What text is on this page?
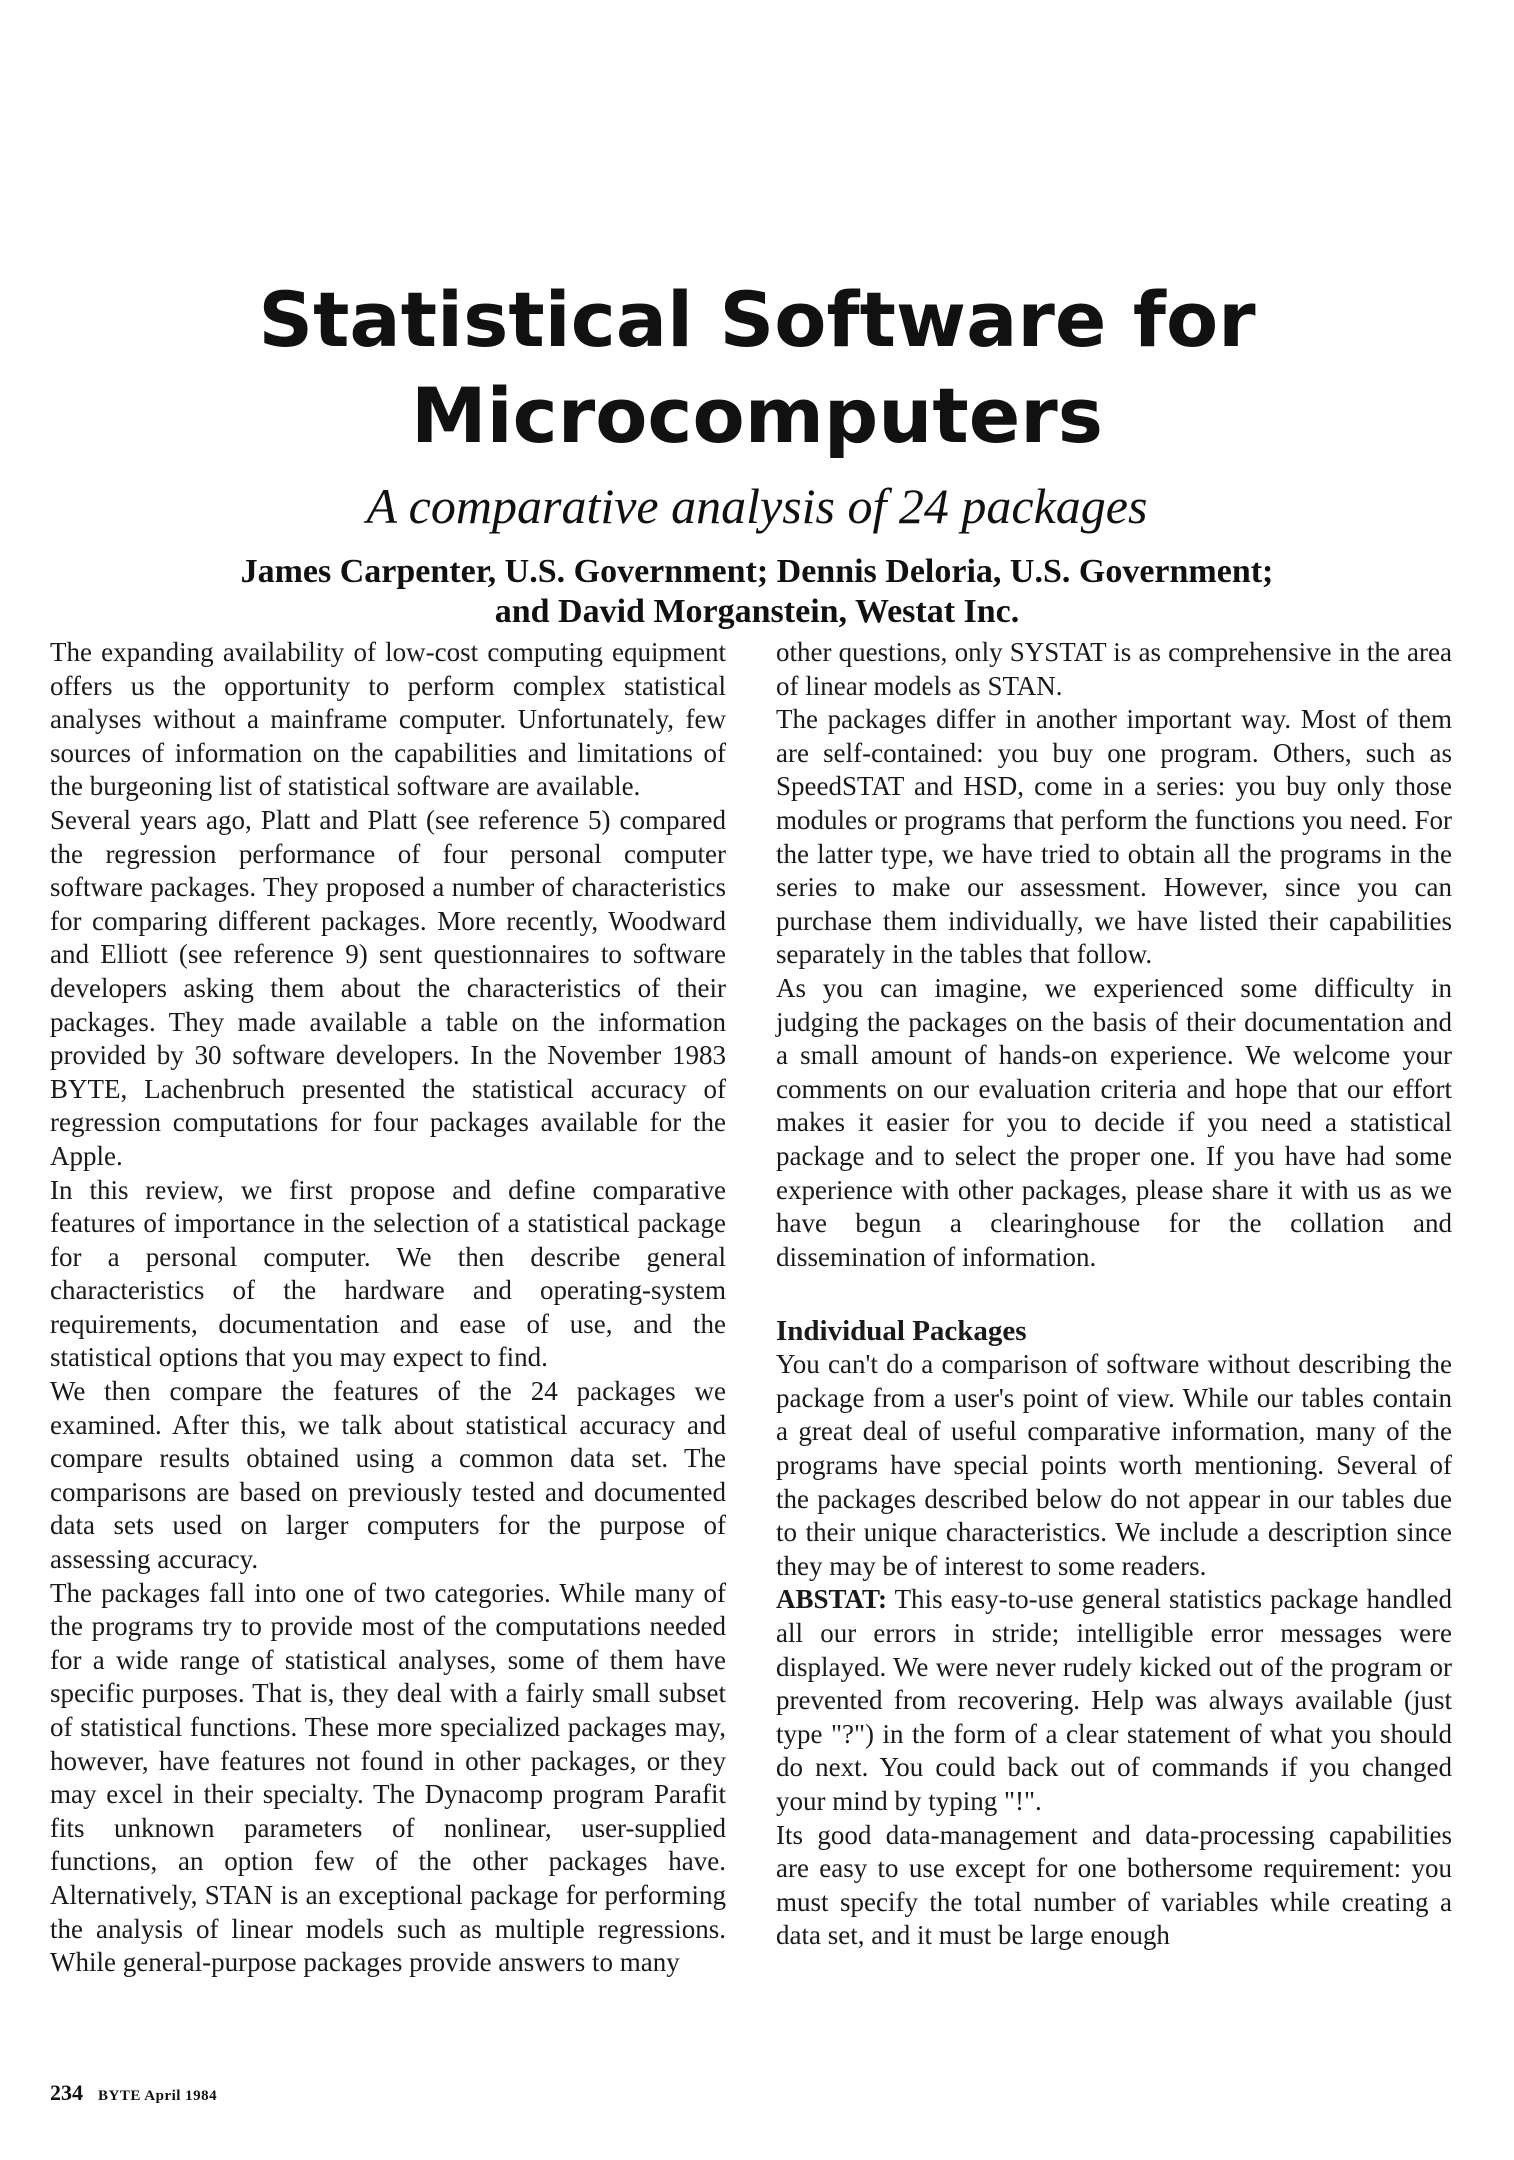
Statistical Software for
Microcomputers
A comparative analysis of 24 packages
James Carpenter, U.S. Government; Dennis Deloria, U.S. Government;
and David Morganstein, Westat Inc.

The expanding availability of low-cost computing equipment offers us the opportunity to perform complex statistical analyses without a mainframe computer. Unfortunately, few sources of information on the capabilities and limitations of the burgeoning list of statistical software are available.

Several years ago, Platt and Platt (see reference 5) compared the regression performance of four personal computer software packages. They proposed a number of characteristics for comparing different packages. More recently, Woodward and Elliott (see reference 9) sent questionnaires to software developers asking them about the characteristics of their packages. They made available a table on the information provided by 30 software developers. In the November 1983 BYTE, Lachenbruch presented the statistical accuracy of regression computations for four packages available for the Apple.

In this review, we first propose and define comparative features of importance in the selection of a statistical package for a personal computer. We then describe general characteristics of the hardware and operating-system requirements, documentation and ease of use, and the statistical options that you may expect to find.

We then compare the features of the 24 packages we examined. After this, we talk about statistical accuracy and compare results obtained using a common data set. The comparisons are based on previously tested and documented data sets used on larger computers for the purpose of assessing accuracy.

The packages fall into one of two categories. While many of the programs try to provide most of the computations needed for a wide range of statistical analyses, some of them have specific purposes. That is, they deal with a fairly small subset of statistical functions. These more specialized packages may, however, have features not found in other packages, or they may excel in their specialty. The Dynacomp program Parafit fits unknown parameters of nonlinear, user-supplied functions, an option few of the other packages have. Alternatively, STAN is an exceptional package for performing the analysis of linear models such as multiple regressions. While general-purpose packages provide answers to many

other questions, only SYSTAT is as comprehensive in the area of linear models as STAN.

The packages differ in another important way. Most of them are self-contained: you buy one program. Others, such as SpeedSTAT and HSD, come in a series: you buy only those modules or programs that perform the functions you need. For the latter type, we have tried to obtain all the programs in the series to make our assessment. However, since you can purchase them individually, we have listed their capabilities separately in the tables that follow.

As you can imagine, we experienced some difficulty in judging the packages on the basis of their documentation and a small amount of hands-on experience. We welcome your comments on our evaluation criteria and hope that our effort makes it easier for you to decide if you need a statistical package and to select the proper one. If you have had some experience with other packages, please share it with us as we have begun a clearinghouse for the collation and dissemination of information.

Individual Packages

You can't do a comparison of software without describing the package from a user's point of view. While our tables contain a great deal of useful comparative information, many of the programs have special points worth mentioning. Several of the packages described below do not appear in our tables due to their unique characteristics. We include a description since they may be of interest to some readers.

ABSTAT: This easy-to-use general statistics package handled all our errors in stride; intelligible error messages were displayed. We were never rudely kicked out of the program or prevented from recovering. Help was always available (just type "?") in the form of a clear statement of what you should do next. You could back out of commands if you changed your mind by typing "!".

Its good data-management and data-processing capabilities are easy to use except for one bothersome requirement: you must specify the total number of variables while creating a data set, and it must be large enough

234 BYTE April 1984
